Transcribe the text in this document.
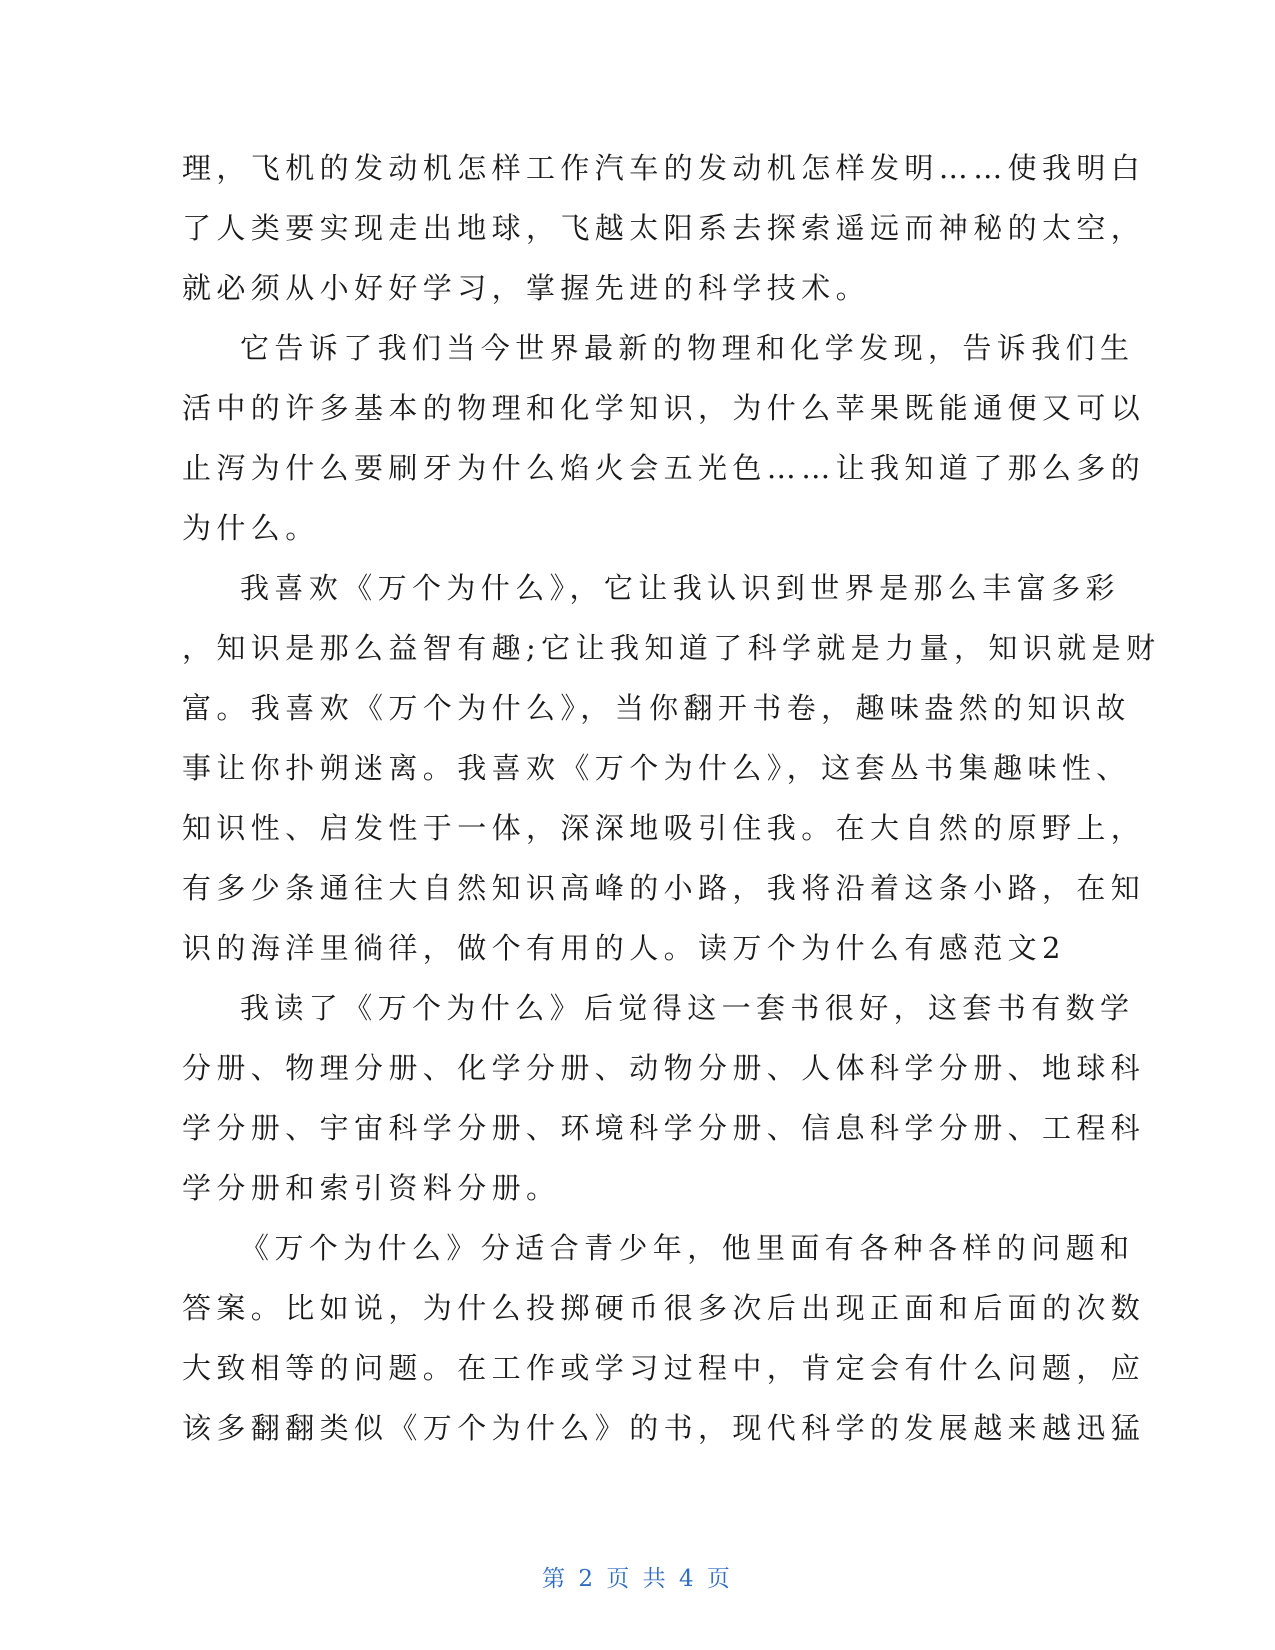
理，飞机的发动机怎样工作汽车的发动机怎样发明……使我明白
了人类要实现走出地球，飞越太阳系去探索遥远而神秘的太空，
就必须从小好好学习，掌握先进的科学技术。
它告诉了我们当今世界最新的物理和化学发现，告诉我们生
活中的许多基本的物理和化学知识，为什么苹果既能通便又可以
止泻为什么要刷牙为什么焰火会五光色……让我知道了那么多的
为什么。
我喜欢《万个为什么》，它让我认识到世界是那么丰富多彩
，知识是那么益智有趣;它让我知道了科学就是力量，知识就是财
富。我喜欢《万个为什么》，当你翻开书卷，趣味盎然的知识故
事让你扑朔迷离。我喜欢《万个为什么》，这套丛书集趣味性、
知识性、启发性于一体，深深地吸引住我。在大自然的原野上，
有多少条通往大自然知识高峰的小路，我将沿着这条小路，在知
识的海洋里徜徉，做个有用的人。读万个为什么有感范文2
我读了《万个为什么》后觉得这一套书很好，这套书有数学
分册、物理分册、化学分册、动物分册、人体科学分册、地球科
学分册、宇宙科学分册、环境科学分册、信息科学分册、工程科
学分册和索引资料分册。
《万个为什么》分适合青少年，他里面有各种各样的问题和
答案。比如说，为什么投掷硬币很多次后出现正面和后面的次数
大致相等的问题。在工作或学习过程中，肯定会有什么问题，应
该多翻翻类似《万个为什么》的书，现代科学的发展越来越迅猛
第 2 页 共 4 页
